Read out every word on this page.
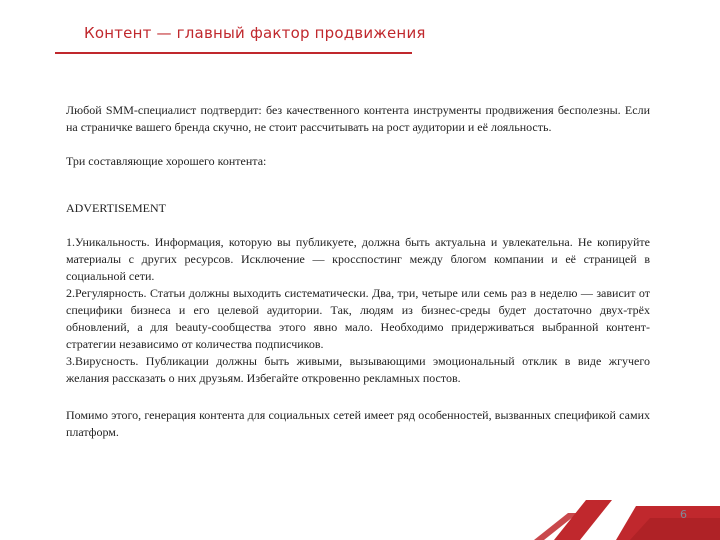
Контент — главный фактор продвижения

Любой SMM-специалист подтвердит: без качественного контента инструменты продвижения бесполезны. Если на страничке вашего бренда скучно, не стоит рассчитывать на рост аудитории и её лояльность.

Три составляющие хорошего контента:

ADVERTISEMENT

1.Уникальность. Информация, которую вы публикуете, должна быть актуальна и увлекательна. Не копируйте материалы с других ресурсов. Исключение — кросспостинг между блогом компании и её страницей в социальной сети.

2.Регулярность. Статьи должны выходить систематически. Два, три, четыре или семь раз в неделю — зависит от специфики бизнеса и его целевой аудитории. Так, людям из бизнес-среды будет достаточно двух-трёх обновлений, а для beauty-сообщества этого явно мало. Необходимо придерживаться выбранной контент-стратегии независимо от количества подписчиков.

3.Вирусность. Публикации должны быть живыми, вызывающими эмоциональный отклик в виде жгучего желания рассказать о них друзьям. Избегайте откровенно рекламных постов.

Помимо этого, генерация контента для социальных сетей имеет ряд особенностей, вызванных спецификой самих платформ.

6
